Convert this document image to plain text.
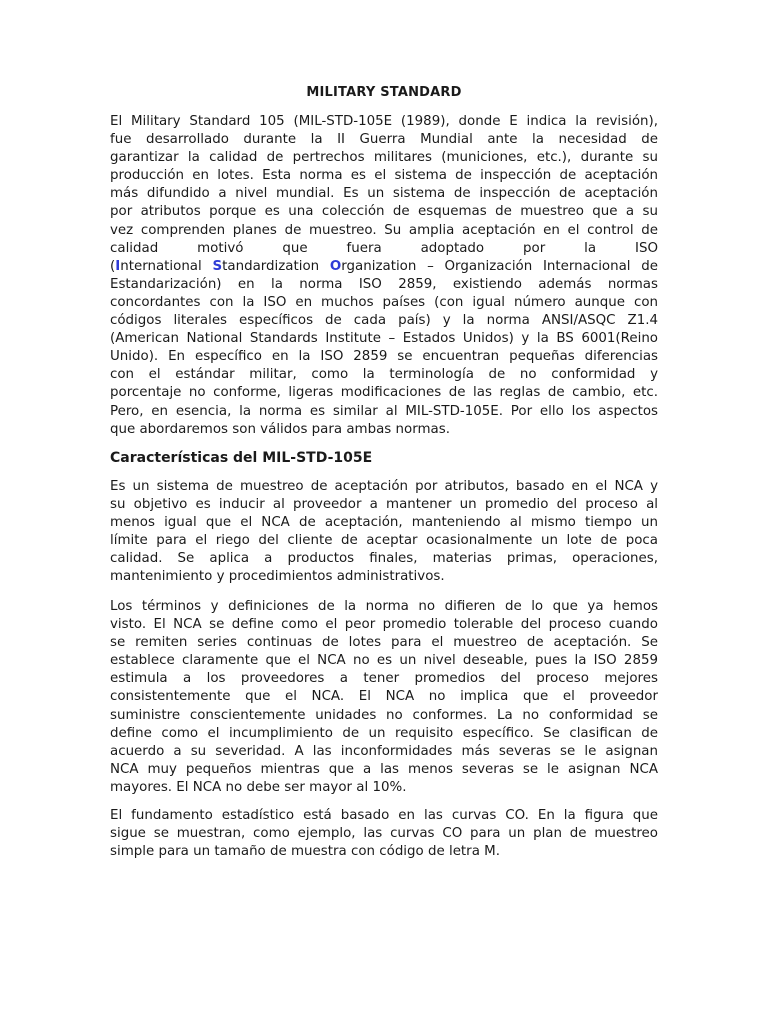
MILITARY STANDARD
El Military Standard 105 (MIL-STD-105E (1989), donde E indica la revisión),
fue desarrollado durante la II Guerra Mundial ante la necesidad de
garantizar la calidad de pertrechos militares (municiones, etc.), durante su
producción en lotes. Esta norma es el sistema de inspección de aceptación
más difundido a nivel mundial. Es un sistema de inspección de aceptación
por atributos porque es una colección de esquemas de muestreo que a su
vez comprenden planes de muestreo. Su amplia aceptación en el control de
calidad motivó que fuera adoptado por la ISO
(International Standardization Organization – Organización Internacional de
Estandarización) en la norma ISO 2859, existiendo además normas
concordantes con la ISO en muchos países (con igual número aunque con
códigos literales específicos de cada país) y la norma ANSI/ASQC Z1.4
(American National Standards Institute – Estados Unidos) y la BS 6001(Reino
Unido). En específico en la ISO 2859 se encuentran pequeñas diferencias
con el estándar militar, como la terminología de no conformidad y
porcentaje no conforme, ligeras modificaciones de las reglas de cambio, etc.
Pero, en esencia, la norma es similar al MIL-STD-105E. Por ello los aspectos
que abordaremos son válidos para ambas normas.
Características del MIL-STD-105E
Es un sistema de muestreo de aceptación por atributos, basado en el NCA y
su objetivo es inducir al proveedor a mantener un promedio del proceso al
menos igual que el NCA de aceptación, manteniendo al mismo tiempo un
límite para el riego del cliente de aceptar ocasionalmente un lote de poca
calidad. Se aplica a productos finales, materias primas, operaciones,
mantenimiento y procedimientos administrativos.
Los términos y definiciones de la norma no difieren de lo que ya hemos
visto. El NCA se define como el peor promedio tolerable del proceso cuando
se remiten series continuas de lotes para el muestreo de aceptación. Se
establece claramente que el NCA no es un nivel deseable, pues la ISO 2859
estimula a los proveedores a tener promedios del proceso mejores
consistentemente que el NCA. El NCA no implica que el proveedor
suministre conscientemente unidades no conformes. La no conformidad se
define como el incumplimiento de un requisito específico. Se clasifican de
acuerdo a su severidad. A las inconformidades más severas se le asignan
NCA muy pequeños mientras que a las menos severas se le asignan NCA
mayores. El NCA no debe ser mayor al 10%.
El fundamento estadístico está basado en las curvas CO. En la figura que
sigue se muestran, como ejemplo, las curvas CO para un plan de muestreo
simple para un tamaño de muestra con código de letra M.
